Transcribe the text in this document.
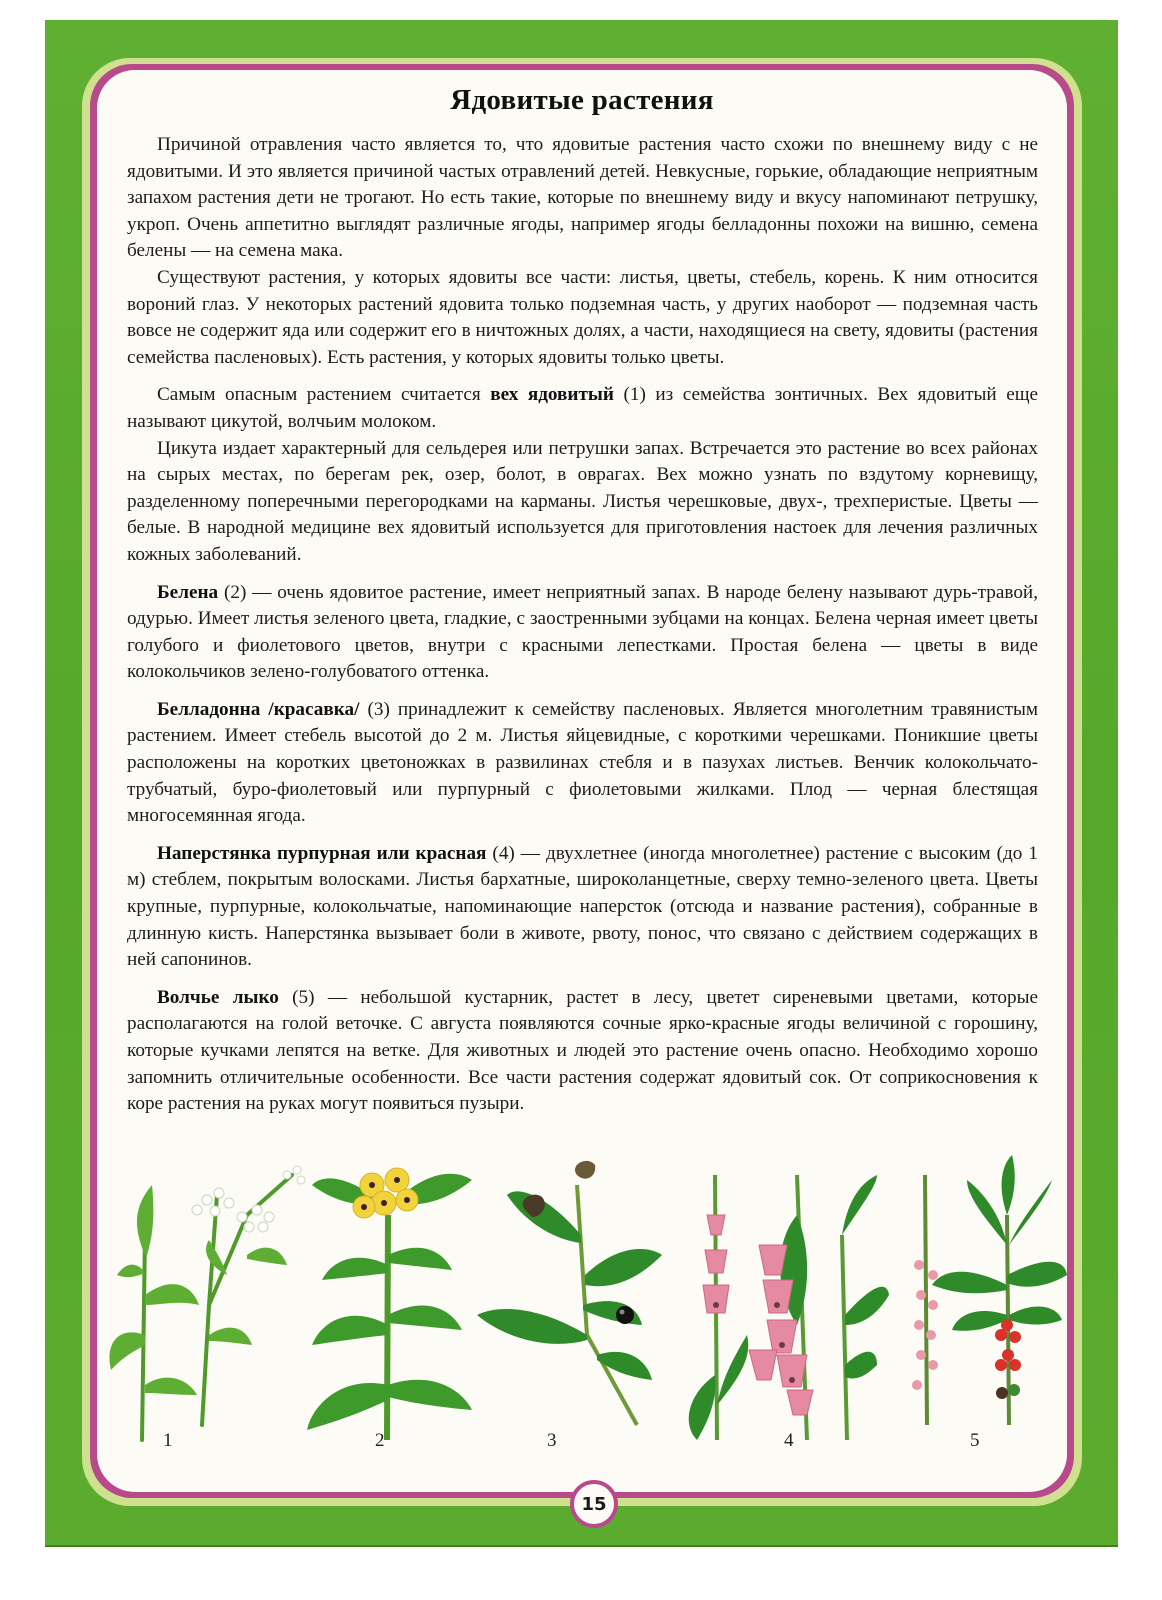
Ядовитые растения

Причиной отравления часто является то, что ядовитые растения часто схожи по внешнему виду с не ядовитыми. И это является причиной частых отравлений детей. Невкусные, горькие, обладающие неприятным запахом растения дети не трогают. Но есть такие, которые по внешнему виду и вкусу напоминают петрушку, укроп. Очень аппетитно выглядят различные ягоды, например ягоды белладонны похожи на вишню, семена белены — на семена мака.

Существуют растения, у которых ядовиты все части: листья, цветы, стебель, корень. К ним относится вороний глаз. У некоторых растений ядовита только подземная часть, у других наоборот — подземная часть вовсе не содержит яда или содержит его в ничтожных долях, а части, находящиеся на свету, ядовиты (растения семейства пасленовых). Есть растения, у которых ядовиты только цветы.

Самым опасным растением считается вех ядовитый (1) из семейства зонтичных. Вех ядовитый еще называют цикутой, волчьим молоком.

Цикута издает характерный для сельдерея или петрушки запах. Встречается это растение во всех районах на сырых местах, по берегам рек, озер, болот, в оврагах. Вех можно узнать по вздутому корневищу, разделенному поперечными перегородками на карманы. Листья черешковые, двух-, трехперистые. Цветы — белые. В народной медицине вех ядовитый используется для приготовления настоек для лечения различных кожных заболеваний.

Белена (2) — очень ядовитое растение, имеет неприятный запах. В народе белену называют дурь-травой, одурью. Имеет листья зеленого цвета, гладкие, с заостренными зубцами на концах. Белена черная имеет цветы голубого и фиолетового цветов, внутри с красными лепестками. Простая белена — цветы в виде колокольчиков зелено-голубоватого оттенка.

Белладонна /красавка/ (3) принадлежит к семейству пасленовых. Является многолетним травянистым растением. Имеет стебель высотой до 2 м. Листья яйцевидные, с короткими черешками. Поникшие цветы расположены на коротких цветоножках в развилинах стебля и в пазухах листьев. Венчик колокольчато-трубчатый, буро-фиолетовый или пурпурный с фиолетовыми жилками. Плод — черная блестящая многосемянная ягода.

Наперстянка пурпурная или красная (4) — двухлетнее (иногда многолетнее) растение с высоким (до 1 м) стеблем, покрытым волосками. Листья бархатные, широколанцетные, сверху темно-зеленого цвета. Цветы крупные, пурпурные, колокольчатые, напоминающие наперсток (отсюда и название растения), собранные в длинную кисть. Наперстянка вызывает боли в животе, рвоту, понос, что связано с действием содержащих в ней сапонинов.

Волчье лыко (5) — небольшой кустарник, растет в лесу, цветет сиреневыми цветами, которые располагаются на голой веточке. С августа появляются сочные ярко-красные ягоды величиной с горошину, которые кучками лепятся на ветке. Для животных и людей это растение очень опасно. Необходимо хорошо запомнить отличительные особенности. Все части растения содержат ядовитый сок. От соприкосновения к коре растения на руках могут появиться пузыри.

1	2	3	4	5
15
